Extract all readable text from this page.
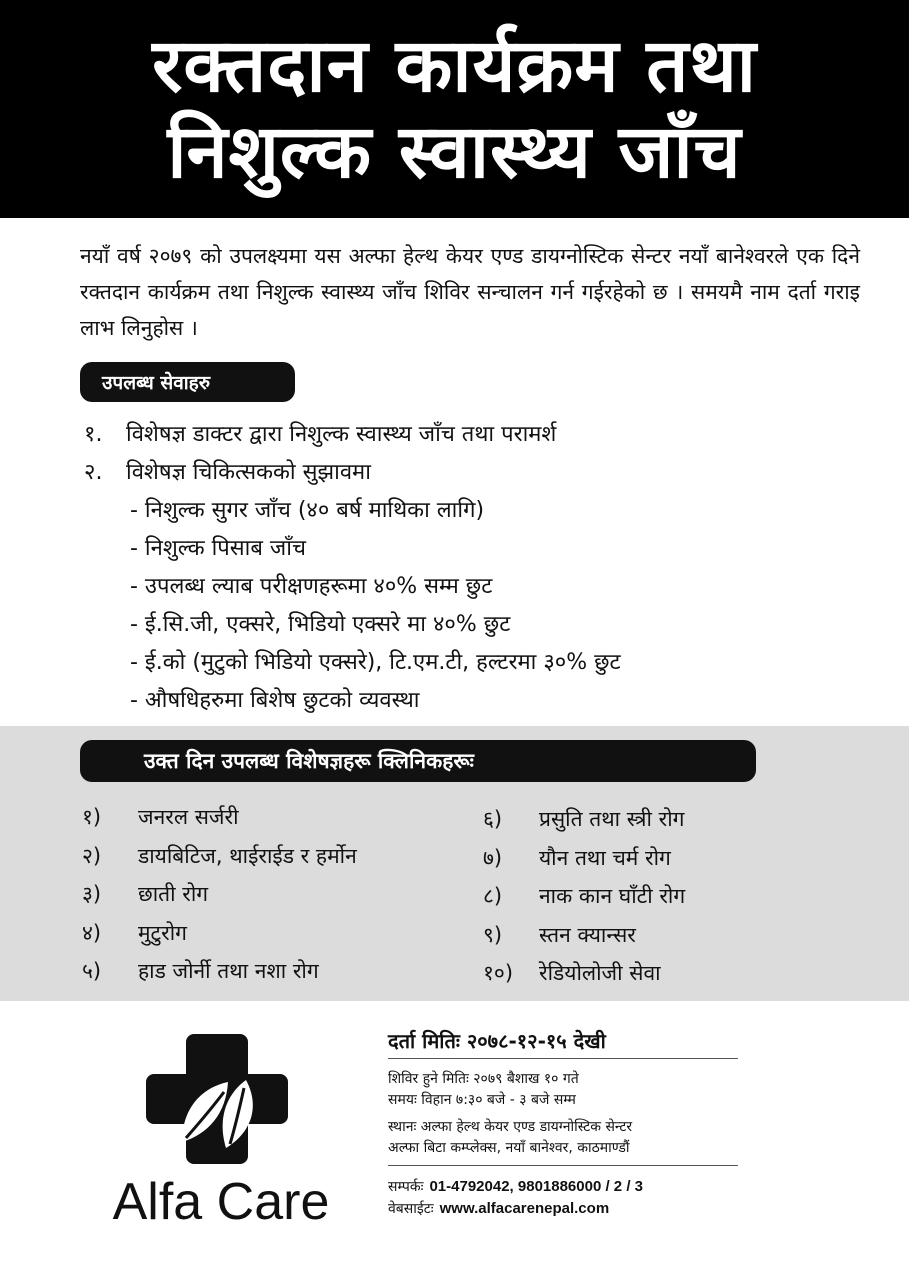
रक्तदान कार्यक्रम तथा
निशुल्क स्वास्थ्य जाँच
नयाँ वर्ष २०७९ को उपलक्ष्यमा यस अल्फा हेल्थ केयर एण्ड डायग्नोस्टिक सेन्टर नयाँ बानेश्वरले एक दिने रक्तदान कार्यक्रम तथा निशुल्क स्वास्थ्य जाँच शिविर सन्चालन गर्न गईरहेको छ । समयमै नाम दर्ता गराइ लाभ लिनुहोस ।
उपलब्ध सेवाहरु
१.	विशेषज्ञ डाक्टर द्वारा निशुल्क स्वास्थ्य जाँच तथा परामर्श
२.	विशेषज्ञ चिकित्सकको सुझावमा
- निशुल्क सुगर जाँच (४० बर्ष माथिका लागि)
- निशुल्क पिसाब जाँच
- उपलब्ध ल्याब परीक्षणहरूमा ४०% सम्म छुट
- ई.सि.जी, एक्सरे, भिडियो एक्सरे मा ४०% छुट
- ई.को (मुटुको भिडियो एक्सरे), टि.एम.टी, हल्टरमा ३०% छुट
- औषधिहरुमा बिशेष छुटको व्यवस्था
उक्त दिन उपलब्ध विशेषज्ञहरू क्लिनिकहरूः
१)	जनरल सर्जरी
२)	डायबिटिज, थाईराईड र हर्मोन
३)	छाती रोग
४)	मुटुरोग
५)	हाड जोर्नी तथा नशा रोग
६)	प्रसुति तथा स्त्री रोग
७)	यौन तथा चर्म रोग
८)	नाक कान घाँटी रोग
९)	स्तन क्यान्सर
१०)	रेडियोलोजी सेवा
Alfa Care
दर्ता मितिः २०७८-१२-१५ देखी
शिविर हुने मितिः २०७९ बैशाख १० गते
समयः विहान ७:३० बजे - ३ बजे सम्म
स्थानः अल्फा हेल्थ केयर एण्ड डायग्नोस्टिक सेन्टर
अल्फा बिटा कम्प्लेक्स, नयाँ बानेश्वर, काठमाण्डौं
सम्पर्कः 01-4792042, 9801886000 / 2 / 3
वेबसाईटः www.alfacarenepal.com
